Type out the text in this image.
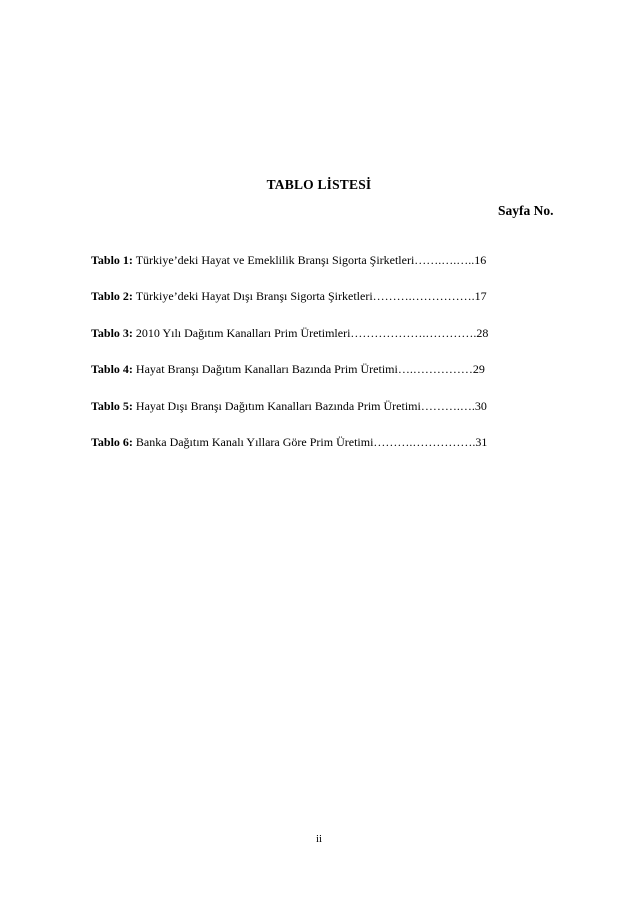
TABLO LİSTESİ
Sayfa No.
Tablo 1: Türkiye’deki Hayat ve Emeklilik Branşı Sigorta Şirketleri…….….…..16
Tablo 2: Türkiye’deki Hayat Dışı Branşı Sigorta Şirketleri……….…………….17
Tablo 3: 2010 Yılı Dağıtım Kanalları Prim Üretimleri……………….………….28
Tablo 4: Hayat Branşı Dağıtım Kanalları Bazında Prim Üretimi….……………29
Tablo 5: Hayat Dışı Branşı Dağıtım Kanalları Bazında Prim Üretimi……….….30
Tablo 6: Banka Dağıtım Kanalı Yıllara Göre Prim Üretimi……….…………….31
ii
